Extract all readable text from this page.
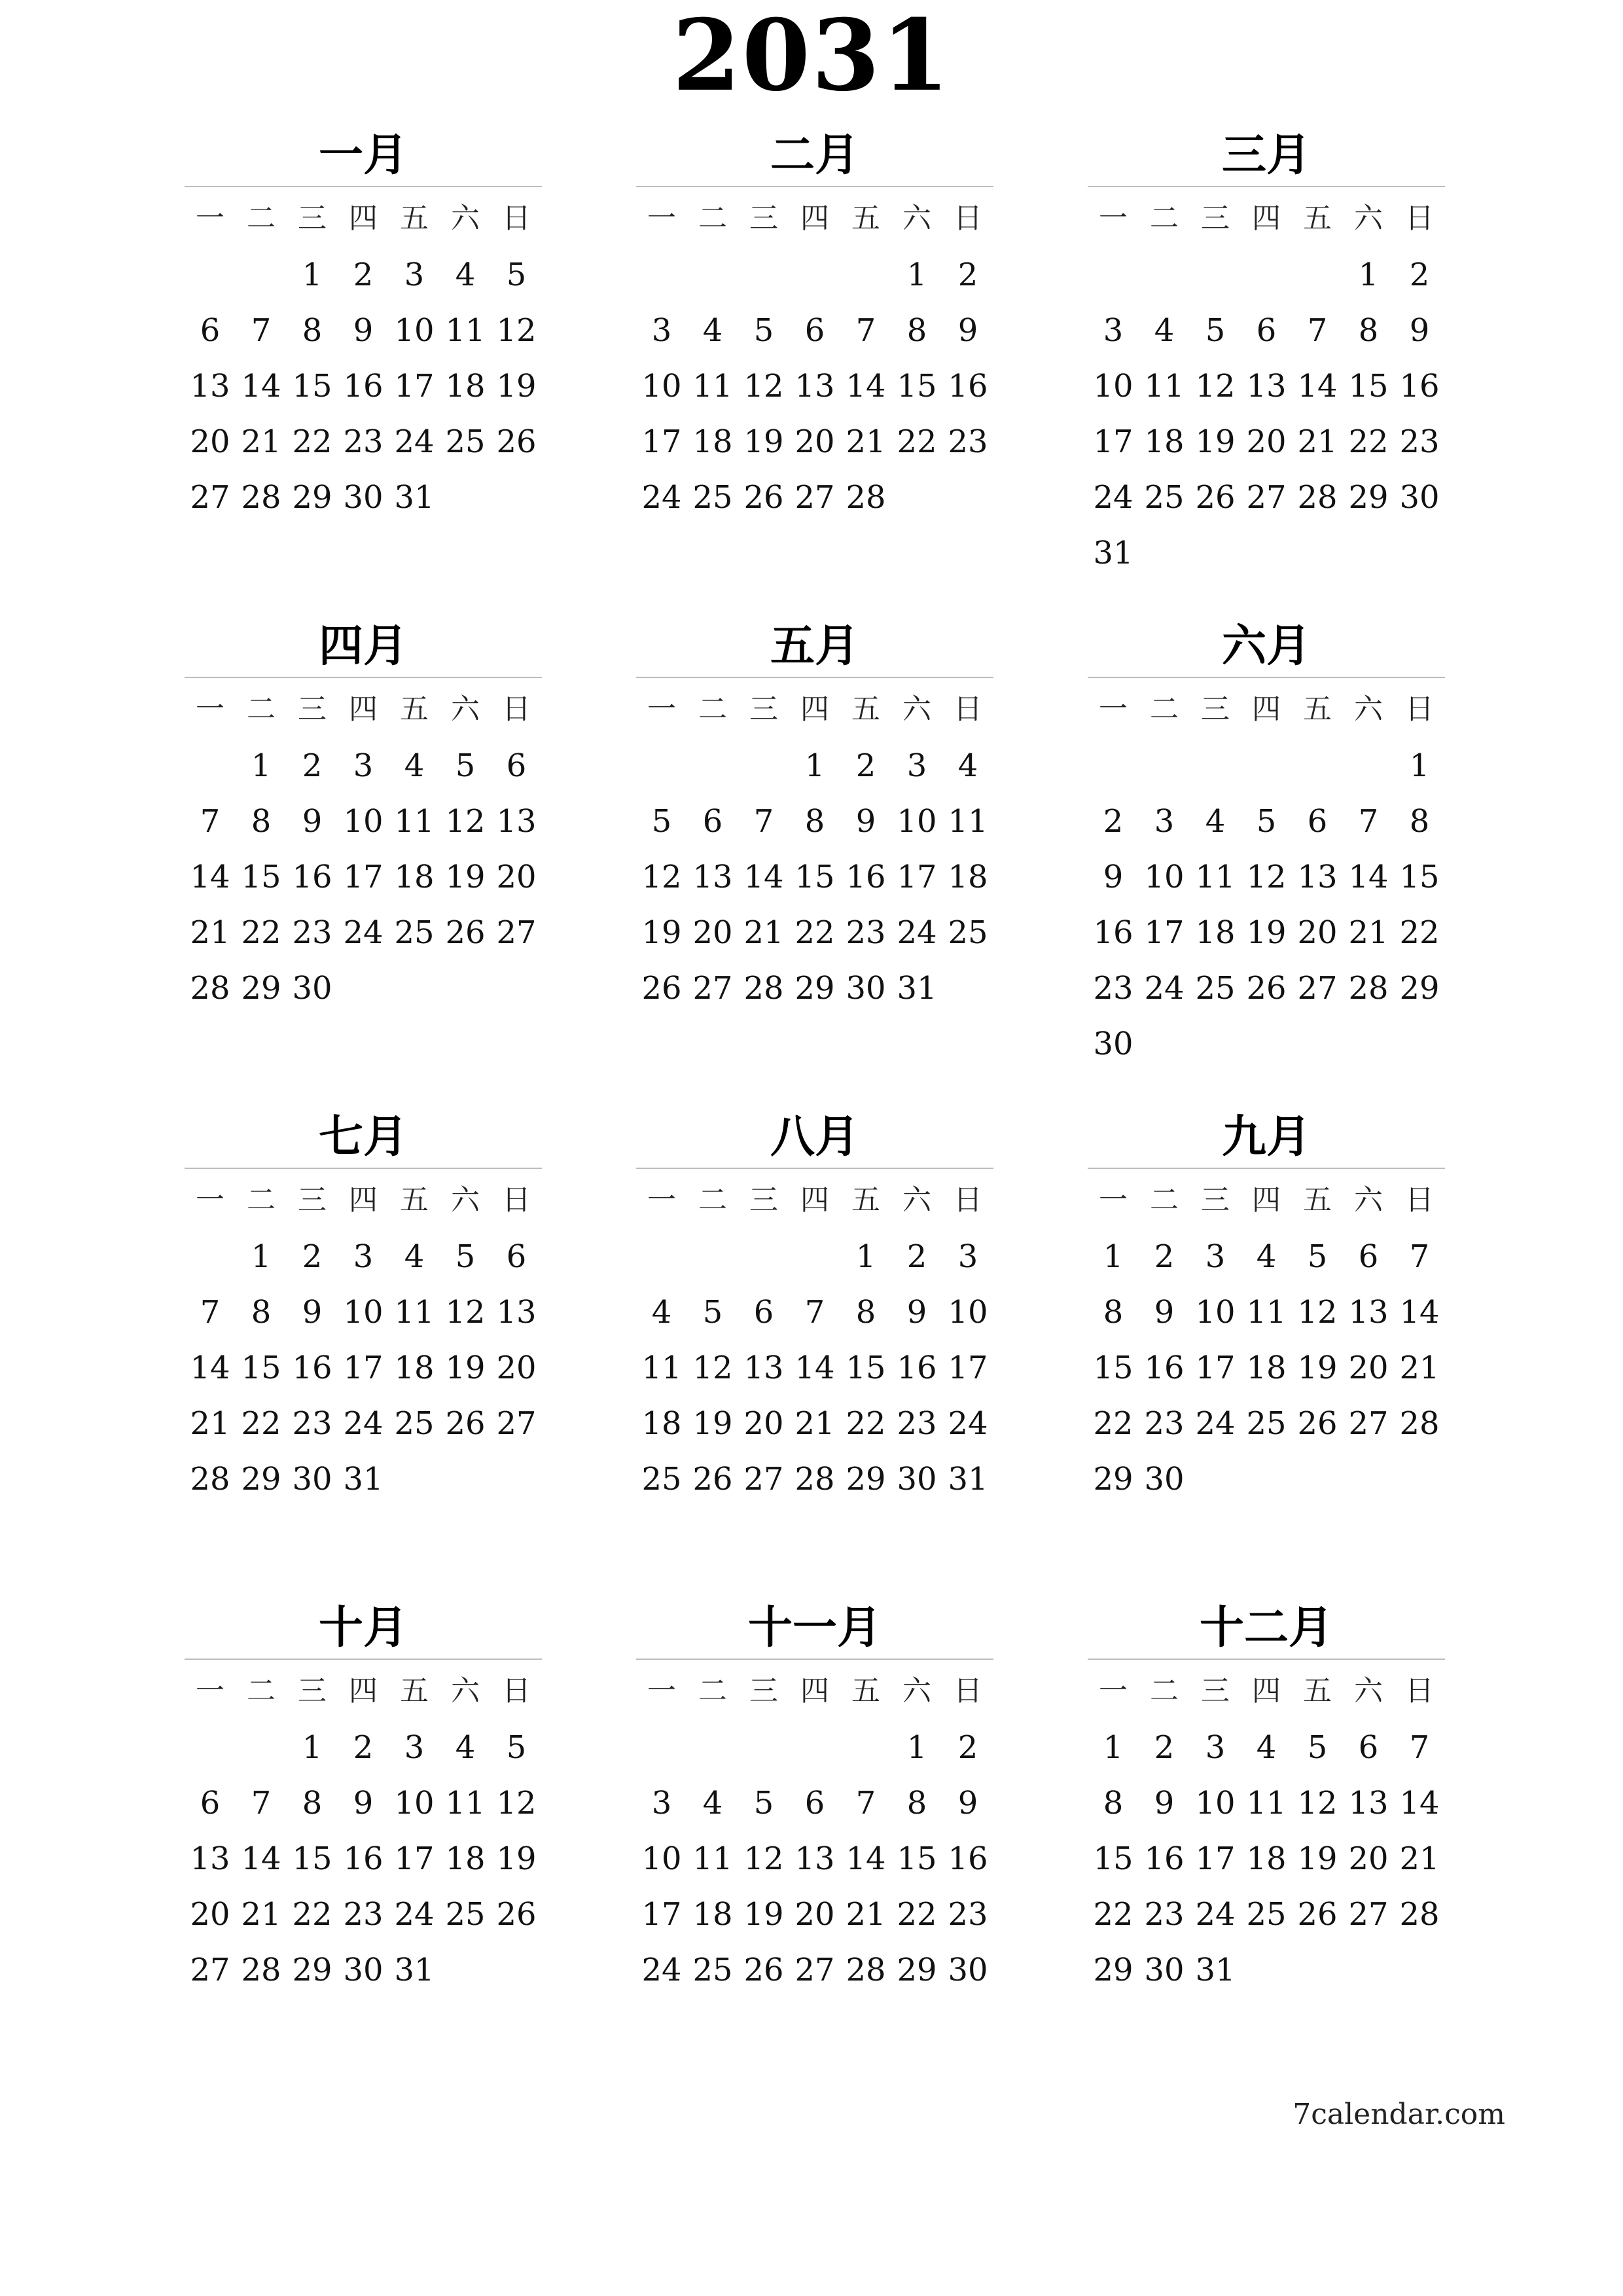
2031
一月
一 二 三 四 五 六 日
1 2 3 4 5
6 7 8 9 10 11 12
13 14 15 16 17 18 19
20 21 22 23 24 25 26
27 28 29 30 31
二月
一 二 三 四 五 六 日
1 2
3 4 5 6 7 8 9
10 11 12 13 14 15 16
17 18 19 20 21 22 23
24 25 26 27 28
三月
一 二 三 四 五 六 日
1 2
3 4 5 6 7 8 9
10 11 12 13 14 15 16
17 18 19 20 21 22 23
24 25 26 27 28 29 30
31
四月
一 二 三 四 五 六 日
1 2 3 4 5 6
7 8 9 10 11 12 13
14 15 16 17 18 19 20
21 22 23 24 25 26 27
28 29 30
五月
一 二 三 四 五 六 日
1 2 3 4
5 6 7 8 9 10 11
12 13 14 15 16 17 18
19 20 21 22 23 24 25
26 27 28 29 30 31
六月
一 二 三 四 五 六 日
1
2 3 4 5 6 7 8
9 10 11 12 13 14 15
16 17 18 19 20 21 22
23 24 25 26 27 28 29
30
七月
一 二 三 四 五 六 日
1 2 3 4 5 6
7 8 9 10 11 12 13
14 15 16 17 18 19 20
21 22 23 24 25 26 27
28 29 30 31
八月
一 二 三 四 五 六 日
1 2 3
4 5 6 7 8 9 10
11 12 13 14 15 16 17
18 19 20 21 22 23 24
25 26 27 28 29 30 31
九月
一 二 三 四 五 六 日
1 2 3 4 5 6 7
8 9 10 11 12 13 14
15 16 17 18 19 20 21
22 23 24 25 26 27 28
29 30
十月
一 二 三 四 五 六 日
1 2 3 4 5
6 7 8 9 10 11 12
13 14 15 16 17 18 19
20 21 22 23 24 25 26
27 28 29 30 31
十一月
一 二 三 四 五 六 日
1 2
3 4 5 6 7 8 9
10 11 12 13 14 15 16
17 18 19 20 21 22 23
24 25 26 27 28 29 30
十二月
一 二 三 四 五 六 日
1 2 3 4 5 6 7
8 9 10 11 12 13 14
15 16 17 18 19 20 21
22 23 24 25 26 27 28
29 30 31
7calendar.com
